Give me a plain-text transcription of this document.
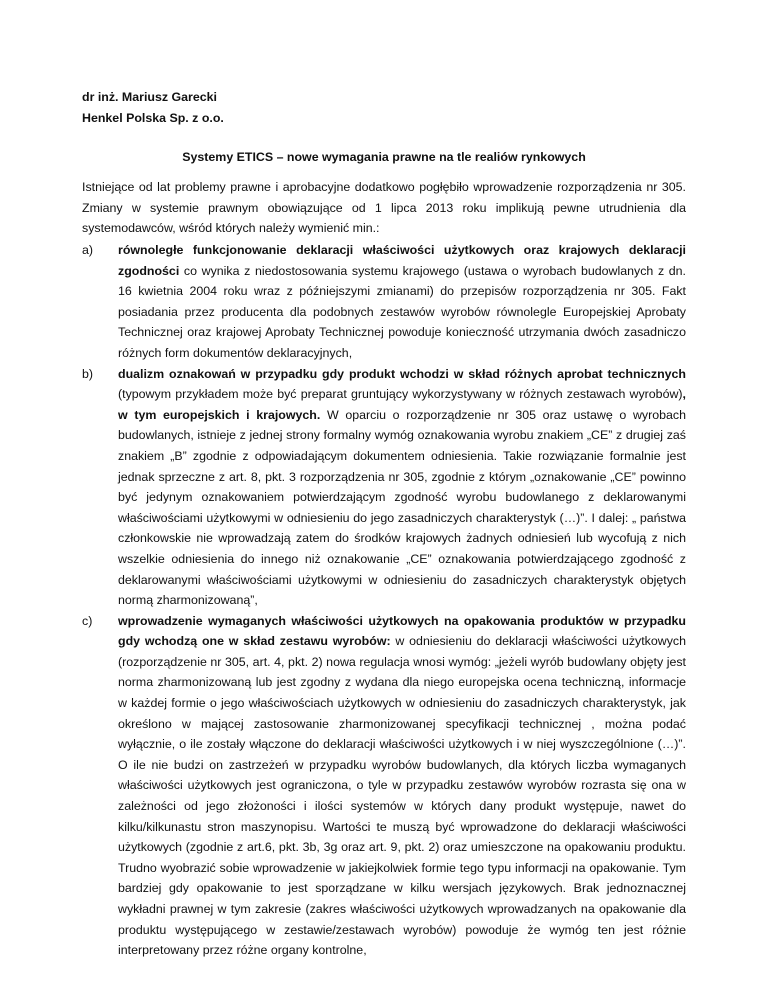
dr inż. Mariusz Garecki
Henkel Polska Sp. z o.o.
Systemy ETICS – nowe wymagania prawne na tle realiów rynkowych

Istniejące od lat problemy prawne i aprobacyjne dodatkowo pogłębiło wprowadzenie rozporządzenia nr 305. Zmiany w systemie prawnym obowiązujące od 1 lipca 2013 roku implikują pewne utrudnienia dla systemodawców, wśród których należy wymienić min.:

a) równoległe funkcjonowanie deklaracji właściwości użytkowych oraz krajowych deklaracji zgodności co wynika z niedostosowania systemu krajowego (ustawa o wyrobach budowlanych z dn. 16 kwietnia 2004 roku wraz z późniejszymi zmianami) do przepisów rozporządzenia nr 305. Fakt posiadania przez producenta dla podobnych zestawów wyrobów równolegle Europejskiej Aprobaty Technicznej oraz krajowej Aprobaty Technicznej powoduje konieczność utrzymania dwóch zasadniczo różnych form dokumentów deklaracyjnych,
b) dualizm oznakowań w przypadku gdy produkt wchodzi w skład różnych aprobat technicznych (typowym przykładem może być preparat gruntujący wykorzystywany w różnych zestawach wyrobów), w tym europejskich i krajowych. W oparciu o rozporządzenie nr 305 oraz ustawę o wyrobach budowlanych, istnieje z jednej strony formalny wymóg oznakowania wyrobu znakiem „CE” z drugiej zaś znakiem „B” zgodnie z odpowiadającym dokumentem odniesienia. Takie rozwiązanie formalnie jest jednak sprzeczne z art. 8, pkt. 3 rozporządzenia nr 305, zgodnie z którym „oznakowanie „CE” powinno być jedynym oznakowaniem potwierdzającym zgodność wyrobu budowlanego z deklarowanymi właściwościami użytkowymi w odniesieniu do jego zasadniczych charakterystyk (…)”. I dalej: „ państwa członkowskie nie wprowadzają zatem do środków krajowych żadnych odniesień lub wycofują z nich wszelkie odniesienia do innego niż oznakowanie „CE” oznakowania potwierdzającego zgodność z deklarowanymi właściwościami użytkowymi w odniesieniu do zasadniczych charakterystyk objętych normą zharmonizowaną”,
c) wprowadzenie wymaganych właściwości użytkowych na opakowania produktów w przypadku gdy wchodzą one w skład zestawu wyrobów: w odniesieniu do deklaracji właściwości użytkowych (rozporządzenie nr 305, art. 4, pkt. 2) nowa regulacja wnosi wymóg: „jeżeli wyrób budowlany objęty jest norma zharmonizowaną lub jest zgodny z wydana dla niego europejska ocena techniczną, informacje w każdej formie o jego właściwościach użytkowych w odniesieniu do zasadniczych charakterystyk, jak określono w mającej zastosowanie zharmonizowanej specyfikacji technicznej , można podać wyłącznie, o ile zostały włączone do deklaracji właściwości użytkowych i w niej wyszczególnione (…)”. O ile nie budzi on zastrzeżeń w przypadku wyrobów budowlanych, dla których liczba wymaganych właściwości użytkowych jest ograniczona, o tyle w przypadku zestawów wyrobów rozrasta się ona w zależności od jego złożoności i ilości systemów w których dany produkt występuje, nawet do kilku/kilkunastu stron maszynopisu. Wartości te muszą być wprowadzone do deklaracji właściwości użytkowych (zgodnie z art.6, pkt. 3b, 3g oraz art. 9, pkt. 2) oraz umieszczone na opakowaniu produktu. Trudno wyobrazić sobie wprowadzenie w jakiejkolwiek formie tego typu informacji na opakowanie. Tym bardziej gdy opakowanie to jest sporządzane w kilku wersjach językowych. Brak jednoznacznej wykładni prawnej w tym zakresie (zakres właściwości użytkowych wprowadzanych na opakowanie dla produktu występującego w zestawie/zestawach wyrobów) powoduje że wymóg ten jest różnie interpretowany przez różne organy kontrolne,
